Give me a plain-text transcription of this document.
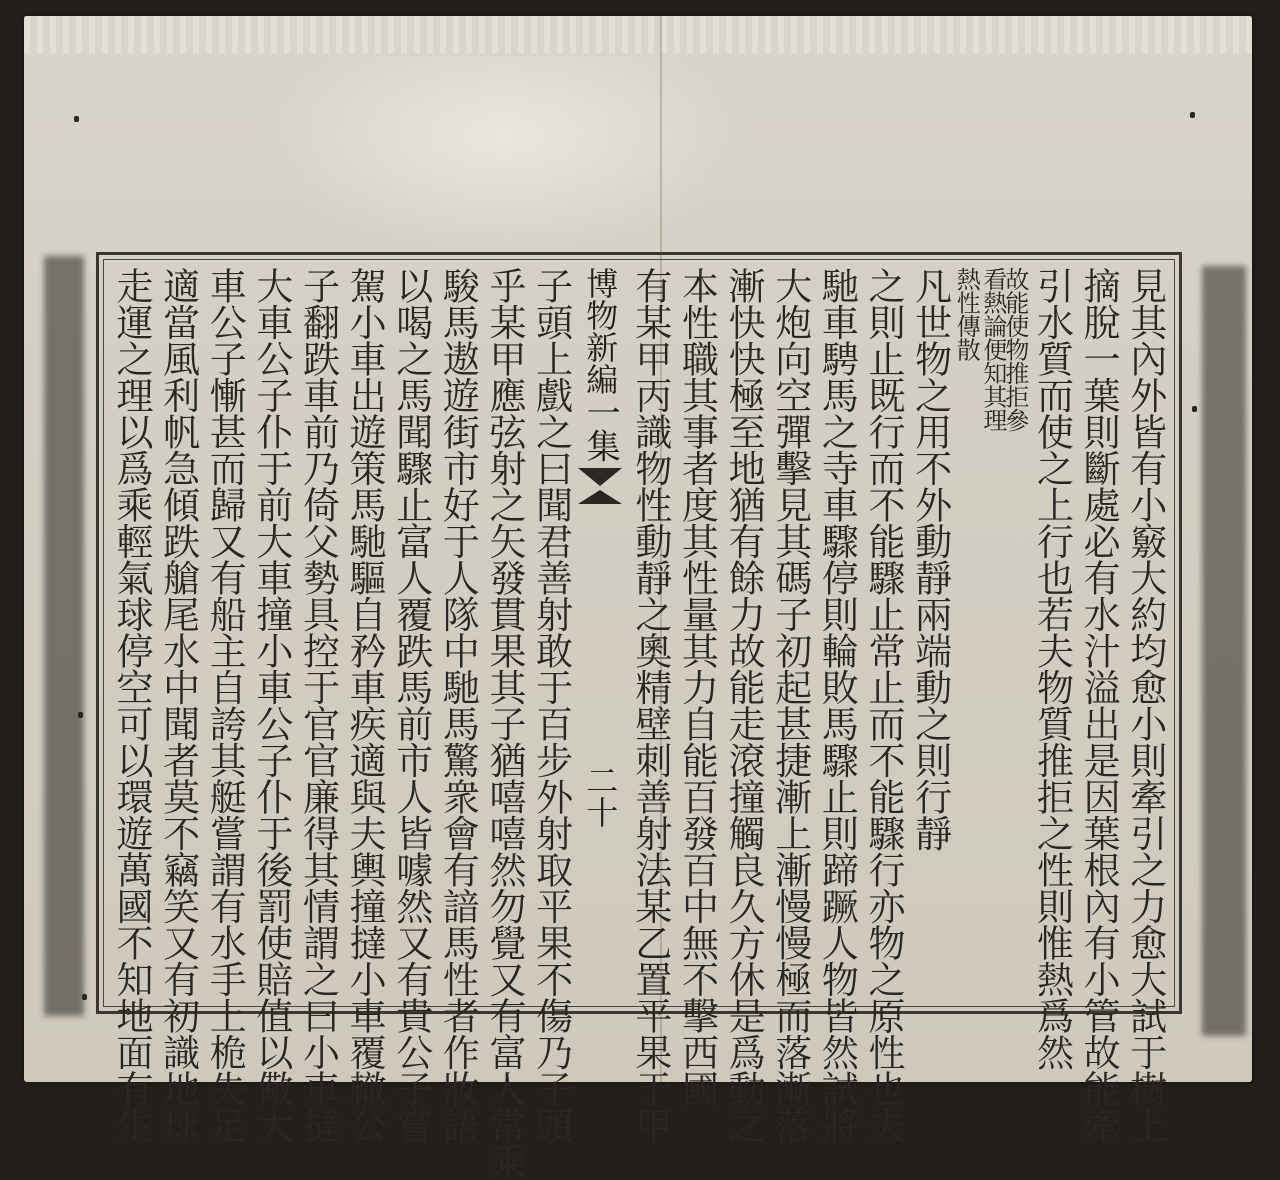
見其內外皆有小竅大約均愈小則牽引之力愈大試于樹上
摘脫一葉則斷處必有水汁溢出是因葉根內有小管故能牽
引水質而使之上行也若夫物質推拒之性則惟熱爲然
故能使物推拒參
看熱論便知其理
熱性傳散
凡世物之用不外動靜兩端動之則行靜
之則止既行而不能驟止常止而不能驟行亦物之原性也夫
馳車騁馬之寺車驟停則輪敗馬驟止則蹄蹶人物皆然試將
大炮向空彈擊見其碼子初起甚捷漸上漸慢慢極而落漸落
漸快快極至地猶有餘力故能走滾撞觸良久方休是爲動之
本性職其事者度其性量其力自能百發百中無不擊西國
有某甲丙識物性動靜之奧精壁刺善射法某乙置平果于甲
博物新編
一集
二十
子頭上戲之曰聞君善射敢于百步外射取平果不傷乃子頭
乎某甲應弦射之矢發貫果其子猶嘻嘻然勿覺又有富人常乘
駿馬遨遊街市好于人隊中馳馬驚衆會有諳馬性者作妝語
以喝之馬聞驟止富人覆跌馬前市人皆噱然又有貴公子嘗
駕小車出遊策馬馳驅自矜車疾適與夫輿撞撻小車覆轍公
子翻跌車前乃倚父勢具控于官官廉得其情謂之曰小車撻
大車公子仆于前大車撞小車公子仆于後罰使賠值以儆大
車公子慚甚而歸又有船主自誇其艇嘗謂有水手上桅失足
適當風利帆急傾跌艙尾水中聞者莫不竊笑又有初識地球
走運之理以爲乘輕氣球停空可以環遊萬國不知地面有生
